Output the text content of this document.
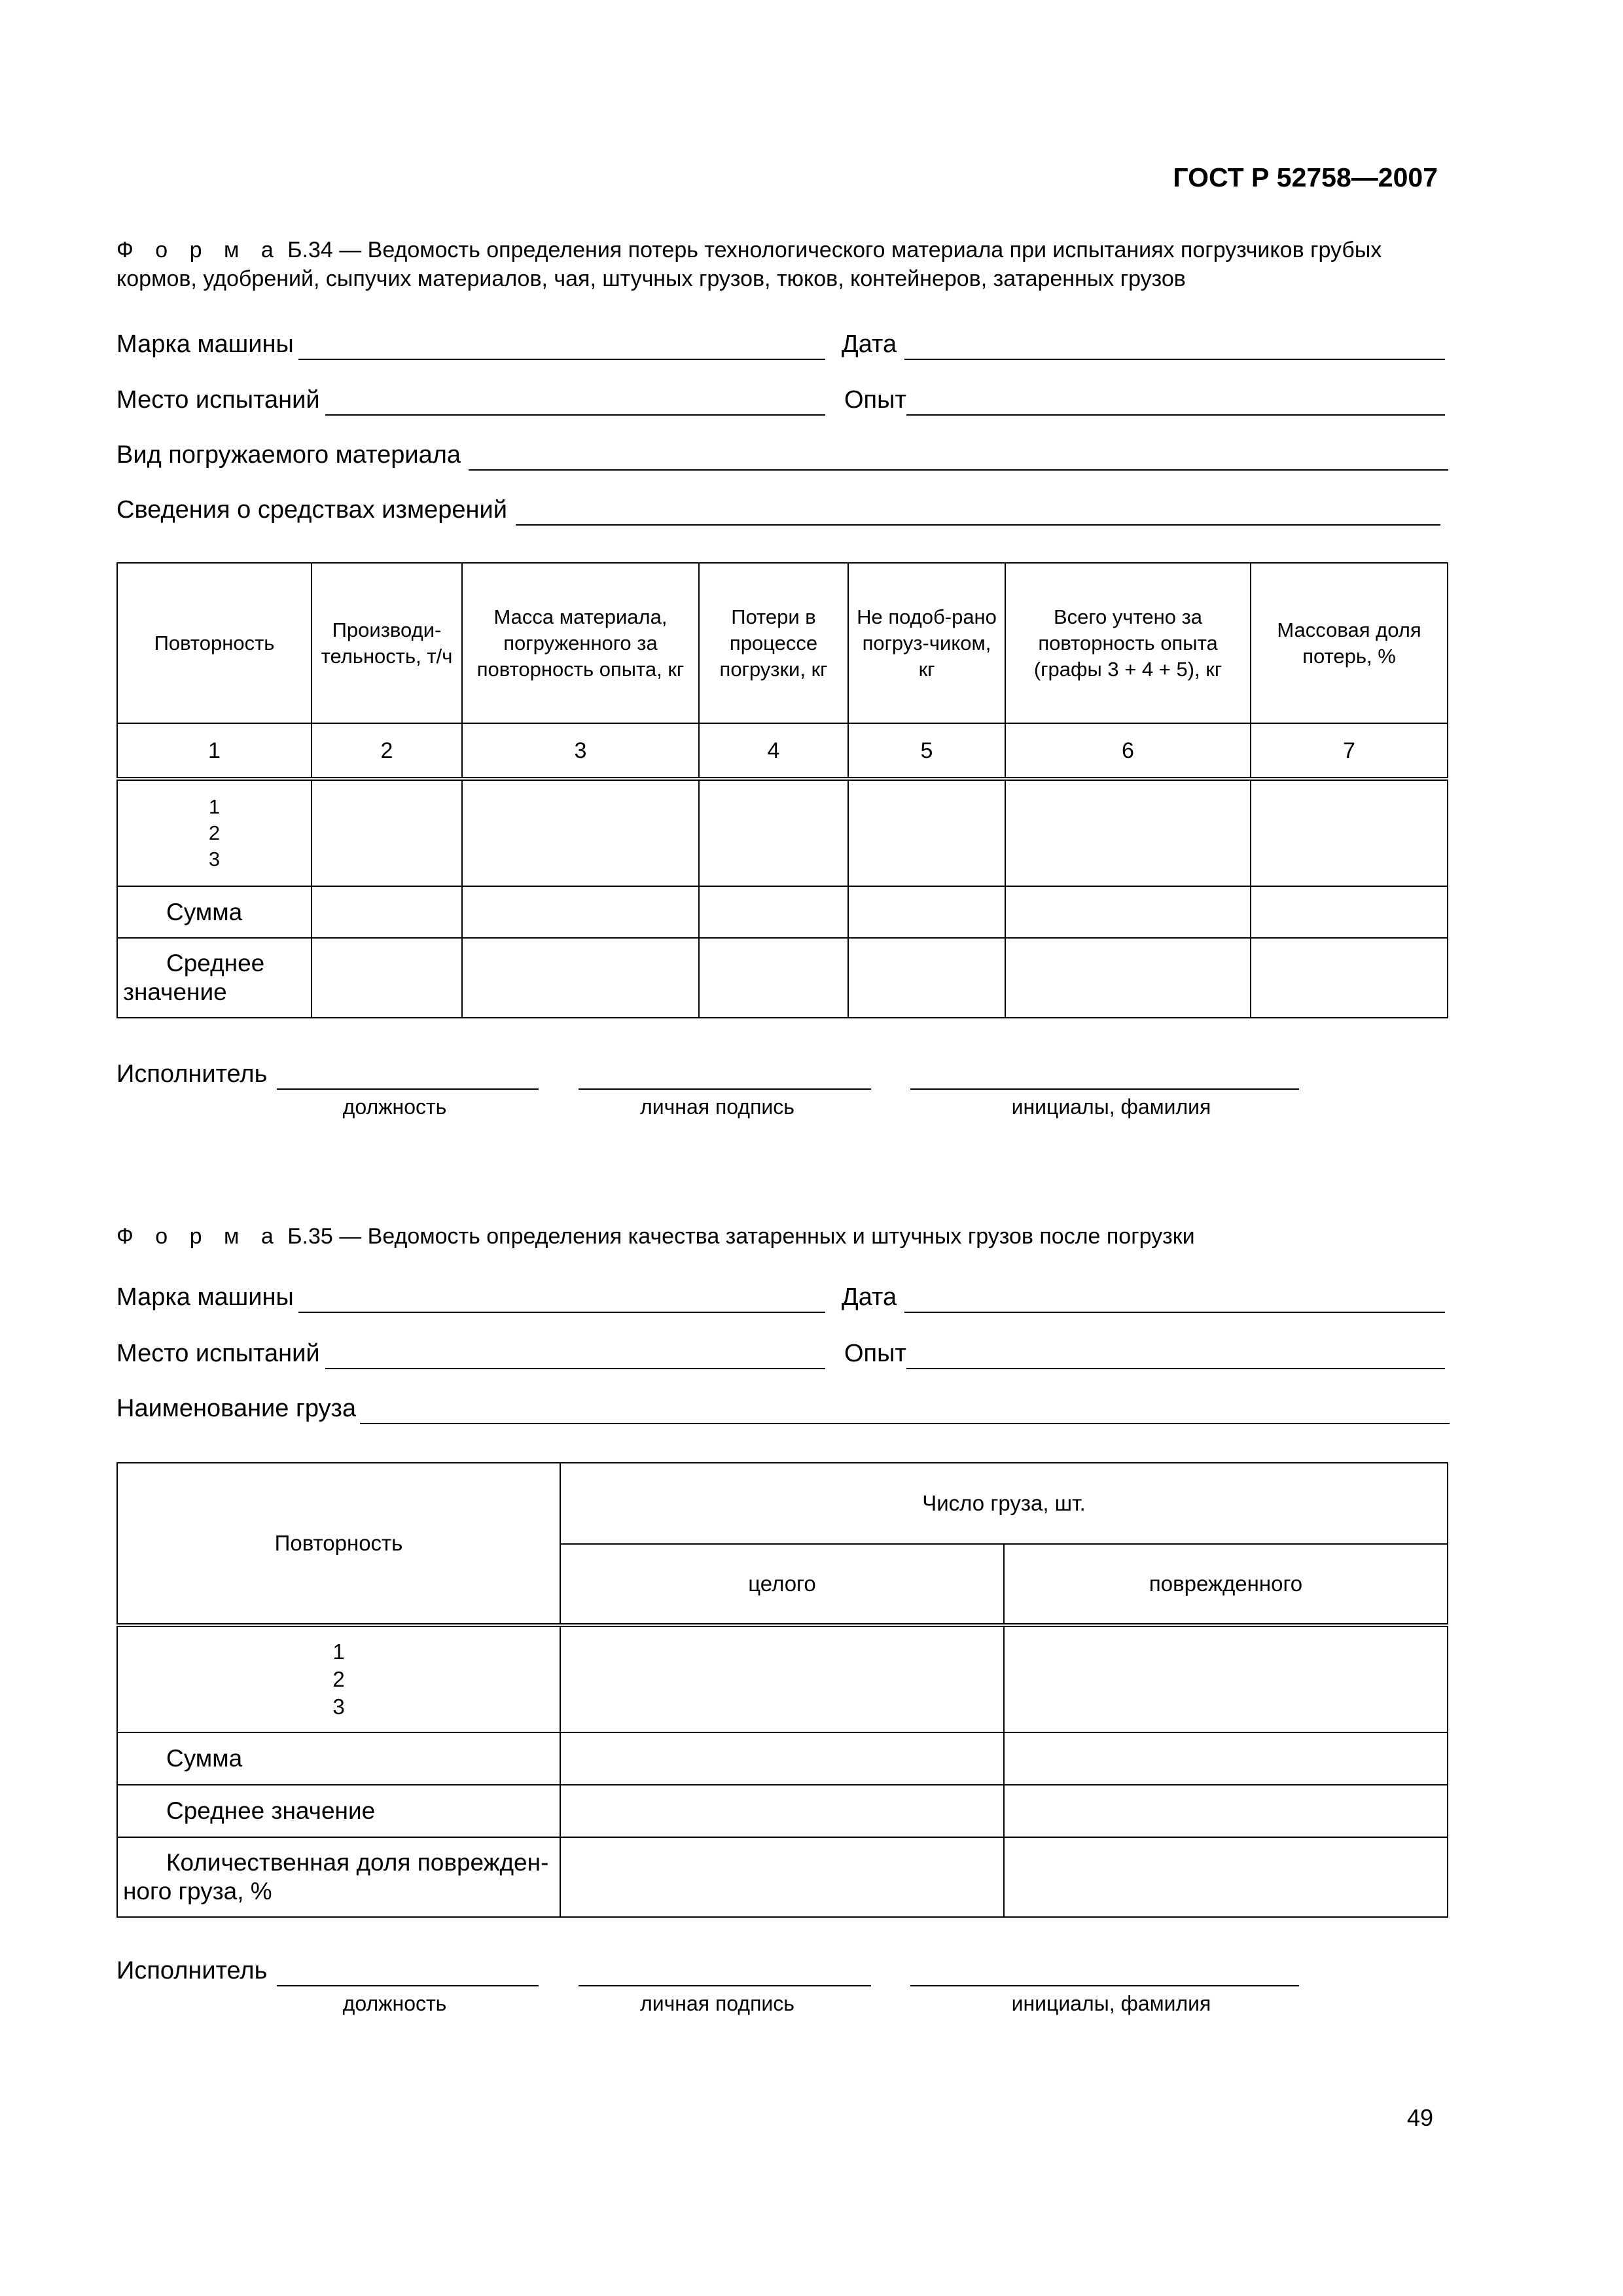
ГОСТ Р 52758—2007
Ф о р м а Б.34 — Ведомость определения потерь технологического материала при испытаниях погрузчиков грубых кормов, удобрений, сыпучих материалов, чая, штучных грузов, тюков, контейнеров, затаренных грузов
Марка машины	Дата
Место испытаний	Опыт
Вид погружаемого материала
Сведения о средствах измерений
Повторность	Производи-тельность, т/ч	Масса материала, погруженного за повторность опыта, кг	Потери в процессе погрузки, кг	Не подоб-рано погруз-чиком, кг	Всего учтено за повторность опыта (графы 3 + 4 + 5), кг	Массовая доля потерь, %
1	2	3	4	5	6	7

1
2
3						

Сумма						
Среднее значение						
Исполнитель
должность	личная подпись	инициалы, фамилия
Ф о р м а Б.35 — Ведомость определения качества затаренных и штучных грузов после погрузки
Марка машины	Дата
Место испытаний	Опыт
Наименование груза
Повторность	Число груза, шт.	
	целого	поврежденного

1
2
3		

Сумма		
Среднее значение		
Количественная доля поврежден-ного груза, %		
Исполнитель
должность	личная подпись	инициалы, фамилия
49
